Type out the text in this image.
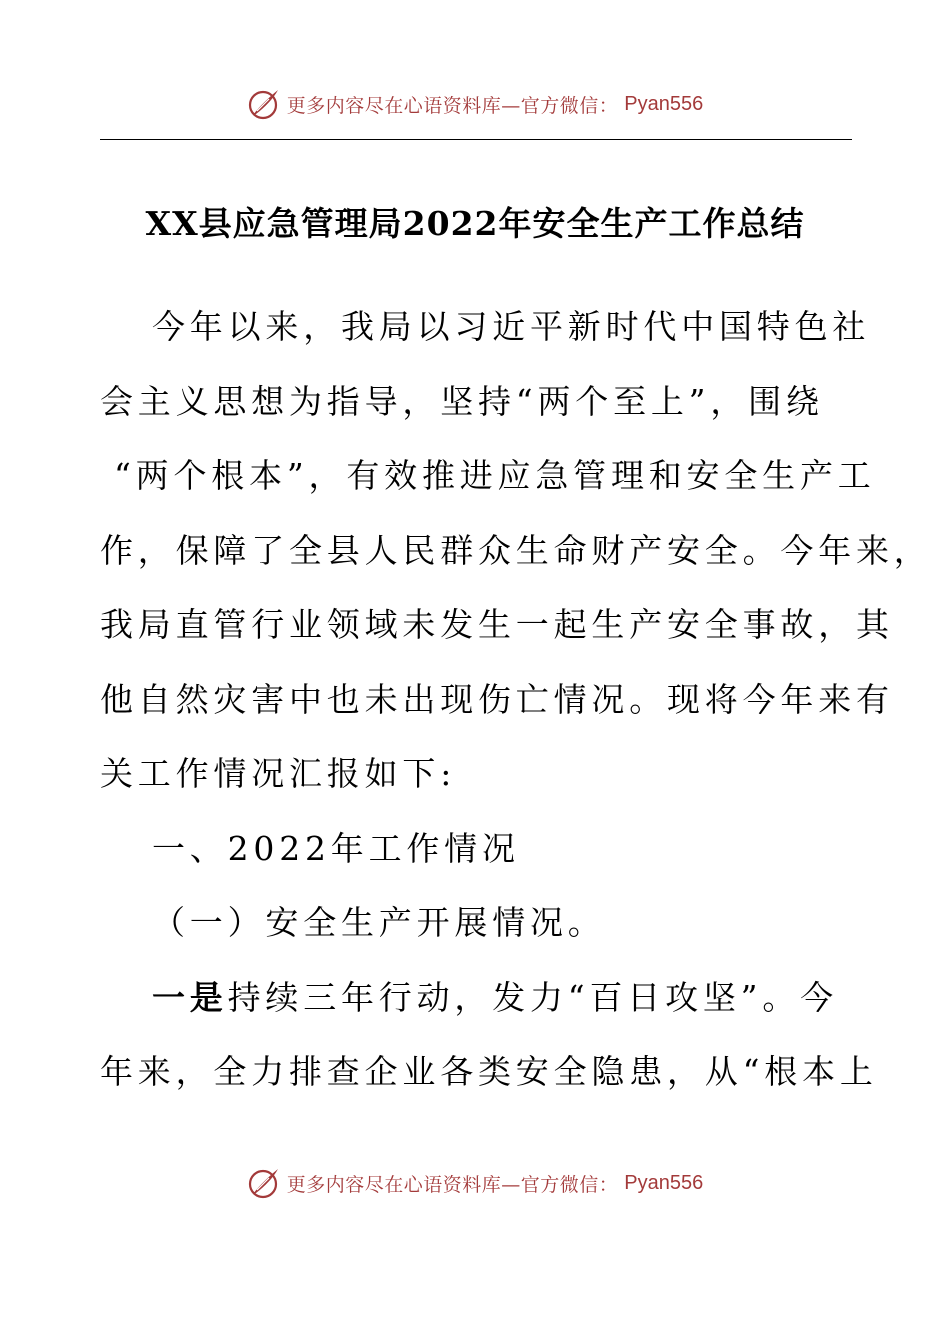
更多内容尽在心语资料库—官方微信： Pyan556
XX县应急管理局2022年安全生产工作总结
今年以来，我局以习近平新时代中国特色社
会主义思想为指导，坚持“两个至上”，围绕
“两个根本”，有效推进应急管理和安全生产工
作，保障了全县人民群众生命财产安全。今年来，
我局直管行业领域未发生一起生产安全事故，其
他自然灾害中也未出现伤亡情况。现将今年来有
关工作情况汇报如下:
一、2022年工作情况
（一）安全生产开展情况。
一是持续三年行动，发力“百日攻坚”。今
年来，全力排查企业各类安全隐患，从“根本上
更多内容尽在心语资料库—官方微信： Pyan556
